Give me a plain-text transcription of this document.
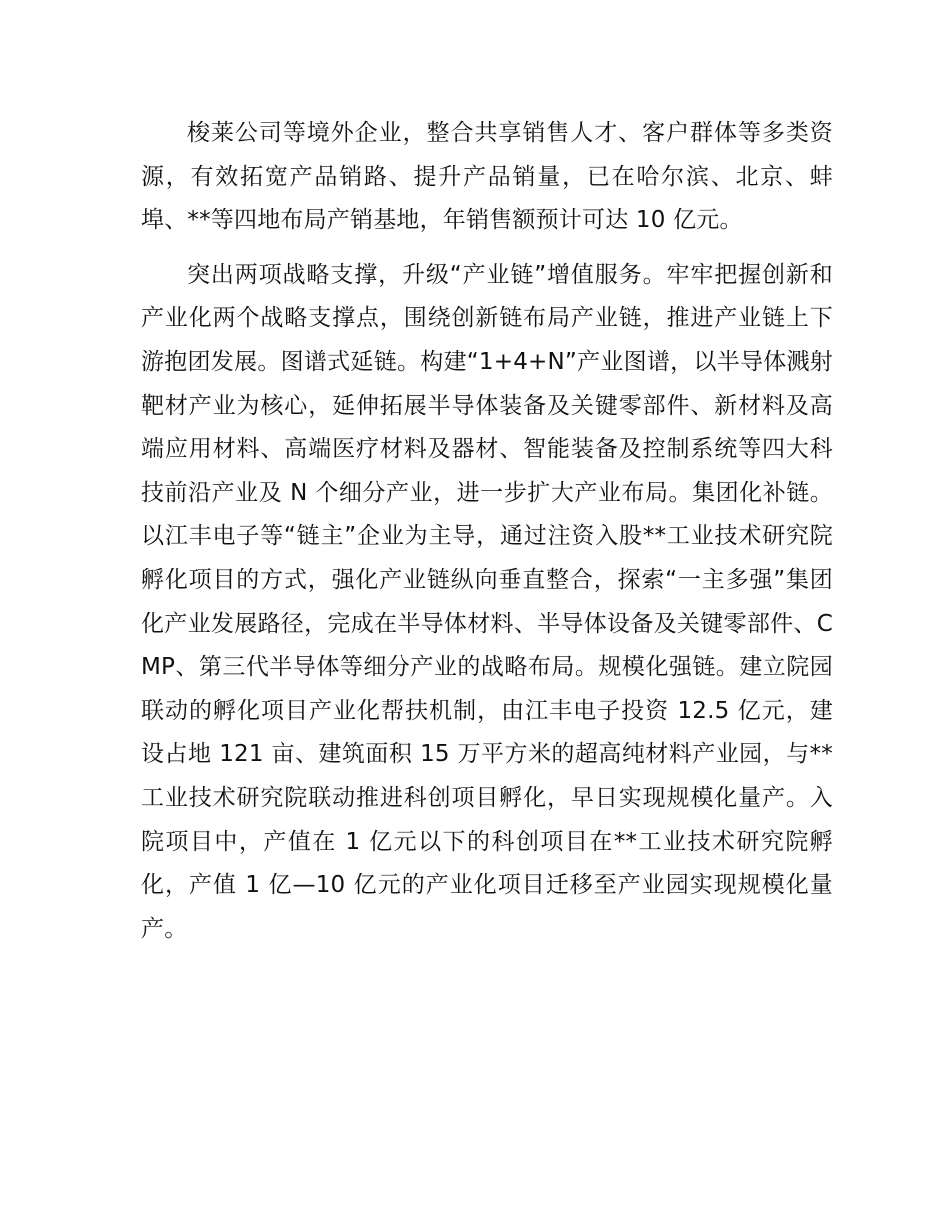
梭莱公司等境外企业，整合共享销售人才、客户群体等多类资源，有效拓宽产品销路、提升产品销量，已在哈尔滨、北京、蚌埠、**等四地布局产销基地，年销售额预计可达 10 亿元。

突出两项战略支撑，升级“产业链”增值服务。牢牢把握创新和产业化两个战略支撑点，围绕创新链布局产业链，推进产业链上下游抱团发展。图谱式延链。构建“1+4+N”产业图谱，以半导体溅射靶材产业为核心，延伸拓展半导体装备及关键零部件、新材料及高端应用材料、高端医疗材料及器材、智能装备及控制系统等四大科技前沿产业及 N 个细分产业，进一步扩大产业布局。集团化补链。以江丰电子等“链主”企业为主导，通过注资入股**工业技术研究院孵化项目的方式，强化产业链纵向垂直整合，探索“一主多强”集团化产业发展路径，完成在半导体材料、半导体设备及关键零部件、CMP、第三代半导体等细分产业的战略布局。规模化强链。建立院园联动的孵化项目产业化帮扶机制，由江丰电子投资 12.5 亿元，建设占地 121 亩、建筑面积 15 万平方米的超高纯材料产业园，与**工业技术研究院联动推进科创项目孵化，早日实现规模化量产。入院项目中，产值在 1 亿元以下的科创项目在**工业技术研究院孵化，产值 1 亿—10 亿元的产业化项目迁移至产业园实现规模化量产。
